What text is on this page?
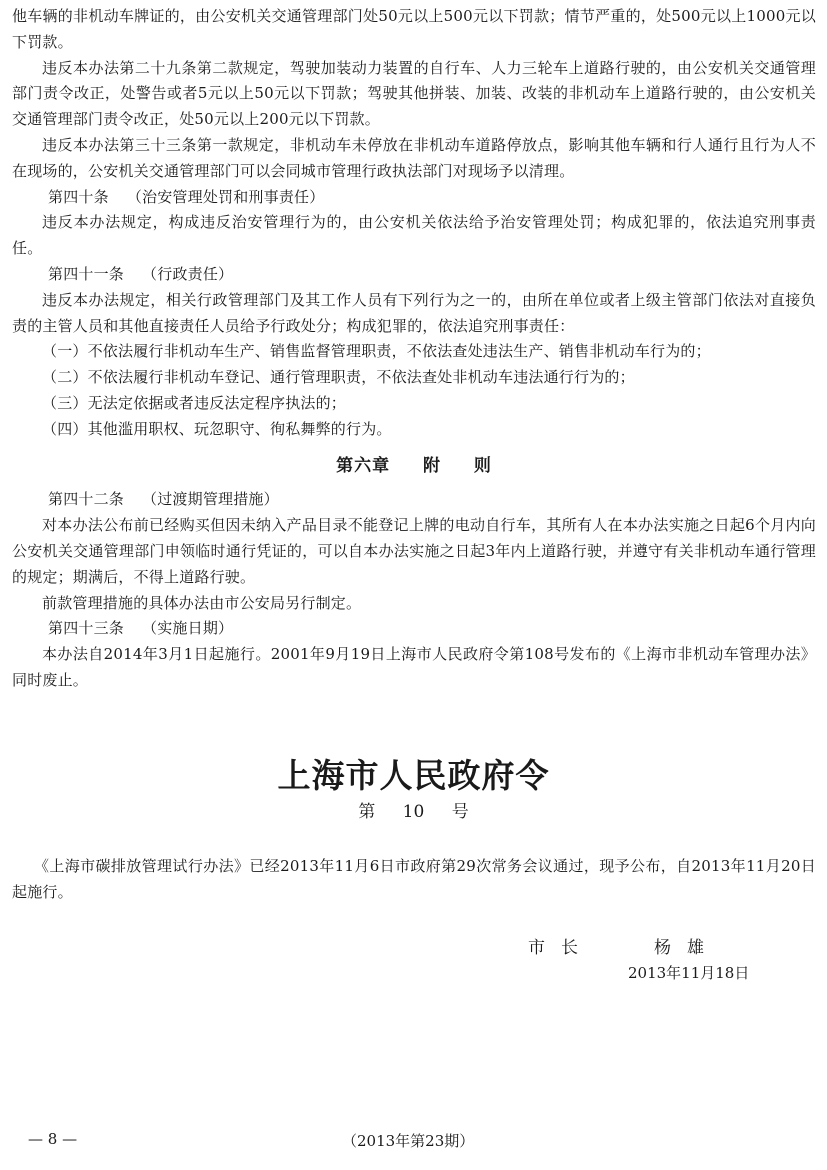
他车辆的非机动车牌证的，由公安机关交通管理部门处50元以上500元以下罚款；情节严重的，处500元以上1000元以下罚款。

违反本办法第二十九条第二款规定，驾驶加装动力装置的自行车、人力三轮车上道路行驶的，由公安机关交通管理部门责令改正，处警告或者5元以上50元以下罚款；驾驶其他拼装、加装、改装的非机动车上道路行驶的，由公安机关交通管理部门责令改正，处50元以上200元以下罚款。

违反本办法第三十三条第一款规定，非机动车未停放在非机动车道路停放点，影响其他车辆和行人通行且行为人不在现场的，公安机关交通管理部门可以会同城市管理行政执法部门对现场予以清理。

第四十条 （治安管理处罚和刑事责任）

违反本办法规定，构成违反治安管理行为的，由公安机关依法给予治安管理处罚；构成犯罪的，依法追究刑事责任。

第四十一条 （行政责任）

违反本办法规定，相关行政管理部门及其工作人员有下列行为之一的，由所在单位或者上级主管部门依法对直接负责的主管人员和其他直接责任人员给予行政处分；构成犯罪的，依法追究刑事责任：

（一）不依法履行非机动车生产、销售监督管理职责，不依法查处违法生产、销售非机动车行为的；

（二）不依法履行非机动车登记、通行管理职责，不依法查处非机动车违法通行行为的；

（三）无法定依据或者违反法定程序执法的；

（四）其他滥用职权、玩忽职守、徇私舞弊的行为。

第六章 附 则

第四十二条 （过渡期管理措施）

对本办法公布前已经购买但因未纳入产品目录不能登记上牌的电动自行车，其所有人在本办法实施之日起6个月内向公安机关交通管理部门申领临时通行凭证的，可以自本办法实施之日起3年内上道路行驶，并遵守有关非机动车通行管理的规定；期满后，不得上道路行驶。

前款管理措施的具体办法由市公安局另行制定。

第四十三条 （实施日期）

本办法自2014年3月1日起施行。2001年9月19日上海市人民政府令第108号发布的《上海市非机动车管理办法》同时废止。

上海市人民政府令
第 10 号

《上海市碳排放管理试行办法》已经2013年11月6日市政府第29次常务会议通过，现予公布，自2013年11月20日起施行。

市长	杨雄
2013年11月18日
— 8 —	（2013年第23期）
